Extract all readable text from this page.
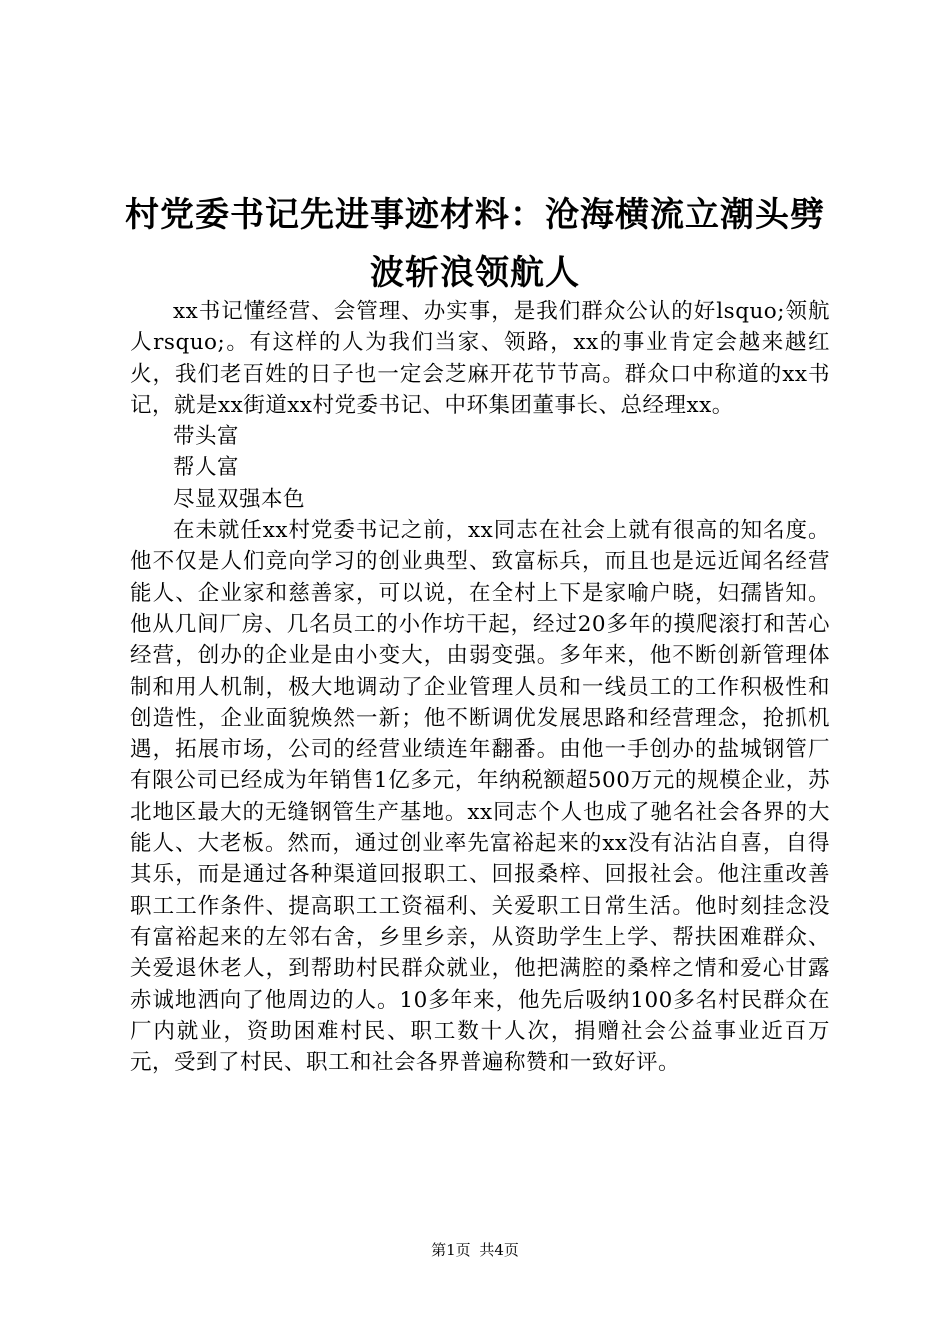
村党委书记先进事迹材料：沧海横流立潮头劈波斩浪领航人

xx书记懂经营、会管理、办实事，是我们群众公认的好lsquo;领航人rsquo;。有这样的人为我们当家、领路，xx的事业肯定会越来越红火，我们老百姓的日子也一定会芝麻开花节节高。群众口中称道的xx书记，就是xx街道xx村党委书记、中环集团董事长、总经理xx。

带头富

帮人富

尽显双强本色

在未就任xx村党委书记之前，xx同志在社会上就有很高的知名度。他不仅是人们竞向学习的创业典型、致富标兵，而且也是远近闻名经营能人、企业家和慈善家，可以说，在全村上下是家喻户晓，妇孺皆知。他从几间厂房、几名员工的小作坊干起，经过20多年的摸爬滚打和苦心经营，创办的企业是由小变大，由弱变强。多年来，他不断创新管理体制和用人机制，极大地调动了企业管理人员和一线员工的工作积极性和创造性，企业面貌焕然一新；他不断调优发展思路和经营理念，抢抓机遇，拓展市场，公司的经营业绩连年翻番。由他一手创办的盐城钢管厂有限公司已经成为年销售1亿多元，年纳税额超500万元的规模企业，苏北地区最大的无缝钢管生产基地。xx同志个人也成了驰名社会各界的大能人、大老板。然而，通过创业率先富裕起来的xx没有沾沾自喜，自得其乐，而是通过各种渠道回报职工、回报桑梓、回报社会。他注重改善职工工作条件、提高职工工资福利、关爱职工日常生活。他时刻挂念没有富裕起来的左邻右舍，乡里乡亲，从资助学生上学、帮扶困难群众、关爱退休老人，到帮助村民群众就业，他把满腔的桑梓之情和爱心甘露赤诚地洒向了他周边的人。10多年来，他先后吸纳100多名村民群众在厂内就业，资助困难村民、职工数十人次，捐赠社会公益事业近百万元，受到了村民、职工和社会各界普遍称赞和一致好评。

第1页 共4页
